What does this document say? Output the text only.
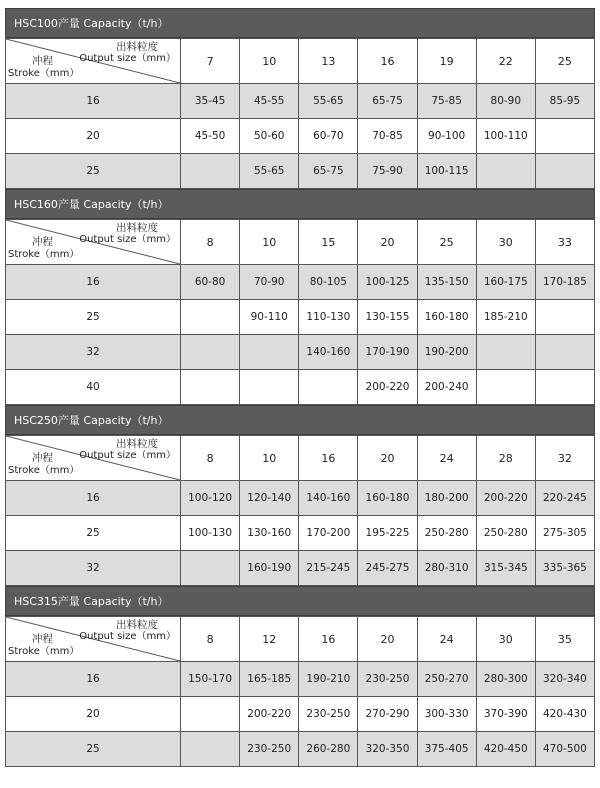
HSC100产量 Capacity（t/h）
出料粒度
Output size（mm）
冲程
Stroke（mm）	7	10	13	16	19	22	25
16	35-45	45-55	55-65	65-75	75-85	80-90	85-95
20	45-50	50-60	60-70	70-85	90-100	100-110	
25		55-65	65-75	75-90	100-115		
HSC160产量 Capacity（t/h）
出料粒度
Output size（mm）
冲程
Stroke（mm）	8	10	15	20	25	30	33
16	60-80	70-90	80-105	100-125	135-150	160-175	170-185
25		90-110	110-130	130-155	160-180	185-210	
32			140-160	170-190	190-200		
40				200-220	200-240		
HSC250产量 Capacity（t/h）
出料粒度
Output size（mm）
冲程
Stroke（mm）	8	10	16	20	24	28	32
16	100-120	120-140	140-160	160-180	180-200	200-220	220-245
25	100-130	130-160	170-200	195-225	250-280	250-280	275-305
32		160-190	215-245	245-275	280-310	315-345	335-365
HSC315产量 Capacity（t/h）
出料粒度
Output size（mm）
冲程
Stroke（mm）	8	12	16	20	24	30	35
16	150-170	165-185	190-210	230-250	250-270	280-300	320-340
20		200-220	230-250	270-290	300-330	370-390	420-430
25		230-250	260-280	320-350	375-405	420-450	470-500
